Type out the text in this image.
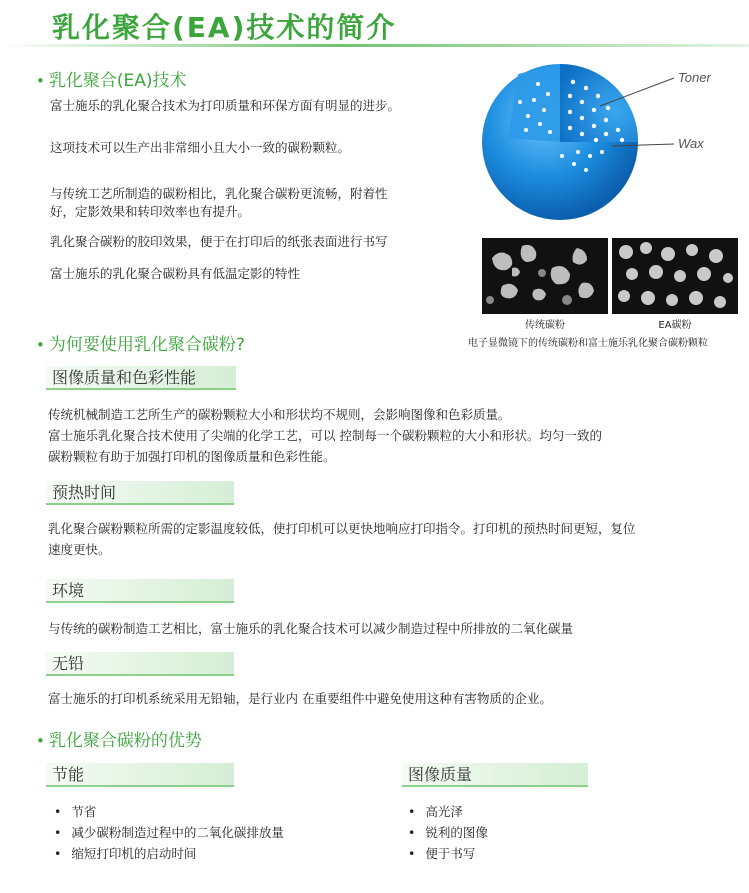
乳化聚合(EA)技术的简介
• 乳化聚合(EA)技术
富士施乐的乳化聚合技术为打印质量和环保方面有明显的进步。
这项技术可以生产出非常细小且大小一致的碳粉颗粒。
与传统工艺所制造的碳粉相比，乳化聚合碳粉更流畅，附着性
好，定影效果和转印效率也有提升。
乳化聚合碳粉的胶印效果，便于在打印后的纸张表面进行书写
富士施乐的乳化聚合碳粉具有低温定影的特性
Toner
Wax
传统碳粉	EA碳粉
电子显微镜下的传统碳粉和富士施乐乳化聚合碳粉颗粒
• 为何要使用乳化聚合碳粉?
图像质量和色彩性能
传统机械制造工艺所生产的碳粉颗粒大小和形状均不规则，会影响图像和色彩质量。
富士施乐乳化聚合技术使用了尖端的化学工艺，可以 控制每一个碳粉颗粒的大小和形状。均匀一致的
碳粉颗粒有助于加强打印机的图像质量和色彩性能。
预热时间
乳化聚合碳粉颗粒所需的定影温度较低，使打印机可以更快地响应打印指令。打印机的预热时间更短，复位
速度更快。
环境
与传统的碳粉制造工艺相比，富士施乐的乳化聚合技术可以减少制造过程中所排放的二氧化碳量
无铅
富士施乐的打印机系统采用无铅轴，是行业内 在重要组件中避免使用这种有害物质的企业。
• 乳化聚合碳粉的优势
节能	图像质量
• 节省
• 减少碳粉制造过程中的二氧化碳排放量
• 缩短打印机的启动时间
• 高光泽
• 锐利的图像
• 便于书写
